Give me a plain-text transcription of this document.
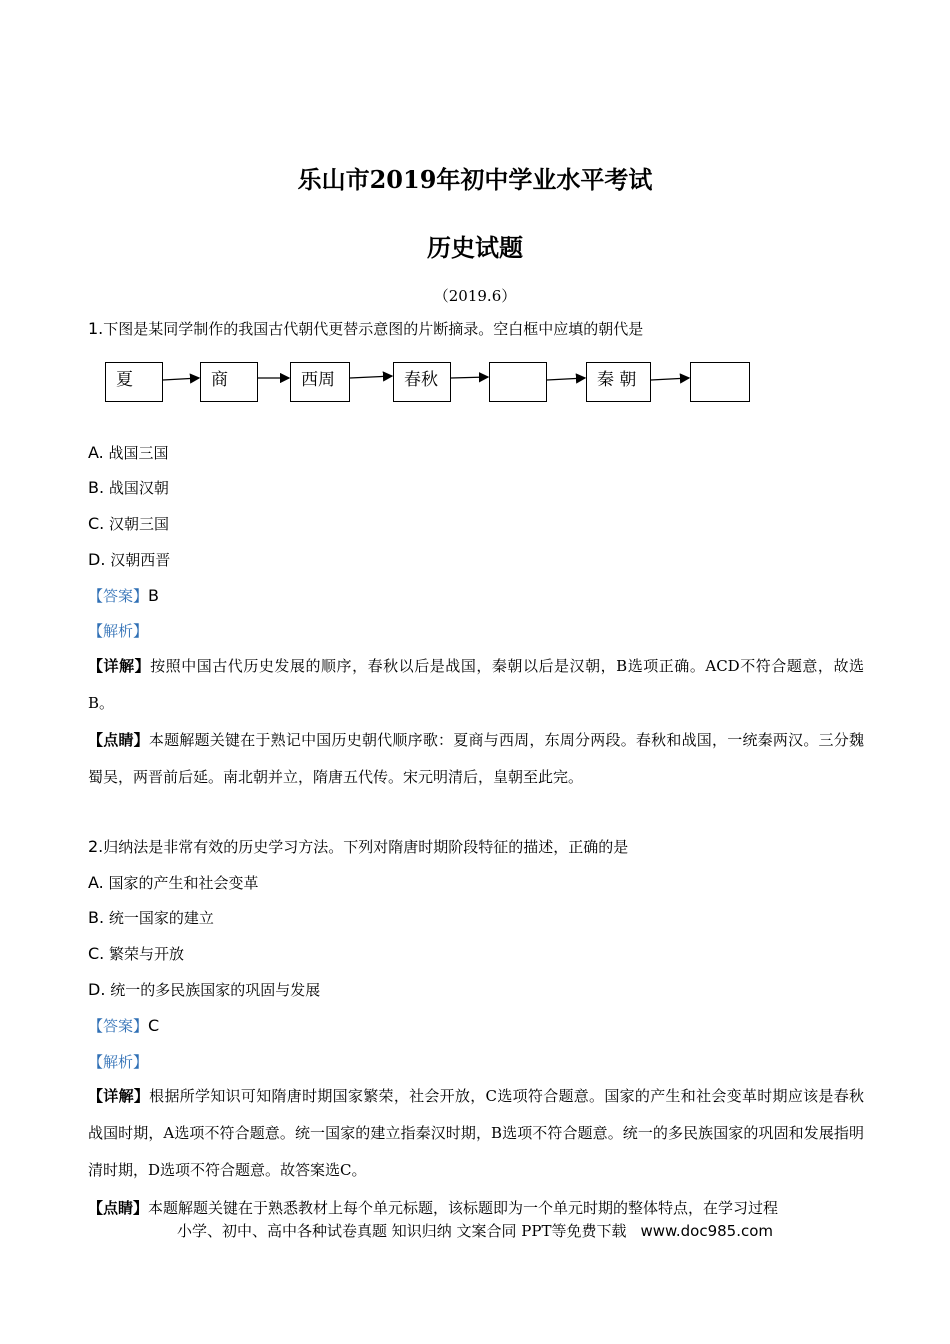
乐山市2019年初中学业水平考试
历史试题
（2019.6）
1.下图是某同学制作的我国古代朝代更替示意图的片断摘录。空白框中应填的朝代是
夏	商	西周	春秋	秦 朝
A. 战国三国
B. 战国汉朝
C. 汉朝三国
D. 汉朝西晋
【答案】B
【解析】
【详解】按照中国古代历史发展的顺序，春秋以后是战国，秦朝以后是汉朝，B选项正确。ACD不符合题意，故选B。
【点睛】本题解题关键在于熟记中国历史朝代顺序歌：夏商与西周，东周分两段。春秋和战国，一统秦两汉。三分魏蜀吴，两晋前后延。南北朝并立，隋唐五代传。宋元明清后，皇朝至此完。
2.归纳法是非常有效的历史学习方法。下列对隋唐时期阶段特征的描述，正确的是
A. 国家的产生和社会变革
B. 统一国家的建立
C. 繁荣与开放
D. 统一的多民族国家的巩固与发展
【答案】C
【解析】
【详解】根据所学知识可知隋唐时期国家繁荣，社会开放，C选项符合题意。国家的产生和社会变革时期应该是春秋战国时期，A选项不符合题意。统一国家的建立指秦汉时期，B选项不符合题意。统一的多民族国家的巩固和发展指明清时期，D选项不符合题意。故答案选C。
【点睛】本题解题关键在于熟悉教材上每个单元标题，该标题即为一个单元时期的整体特点，在学习过程
小学、初中、高中各种试卷真题 知识归纳 文案合同 PPT等免费下载 www.doc985.com
